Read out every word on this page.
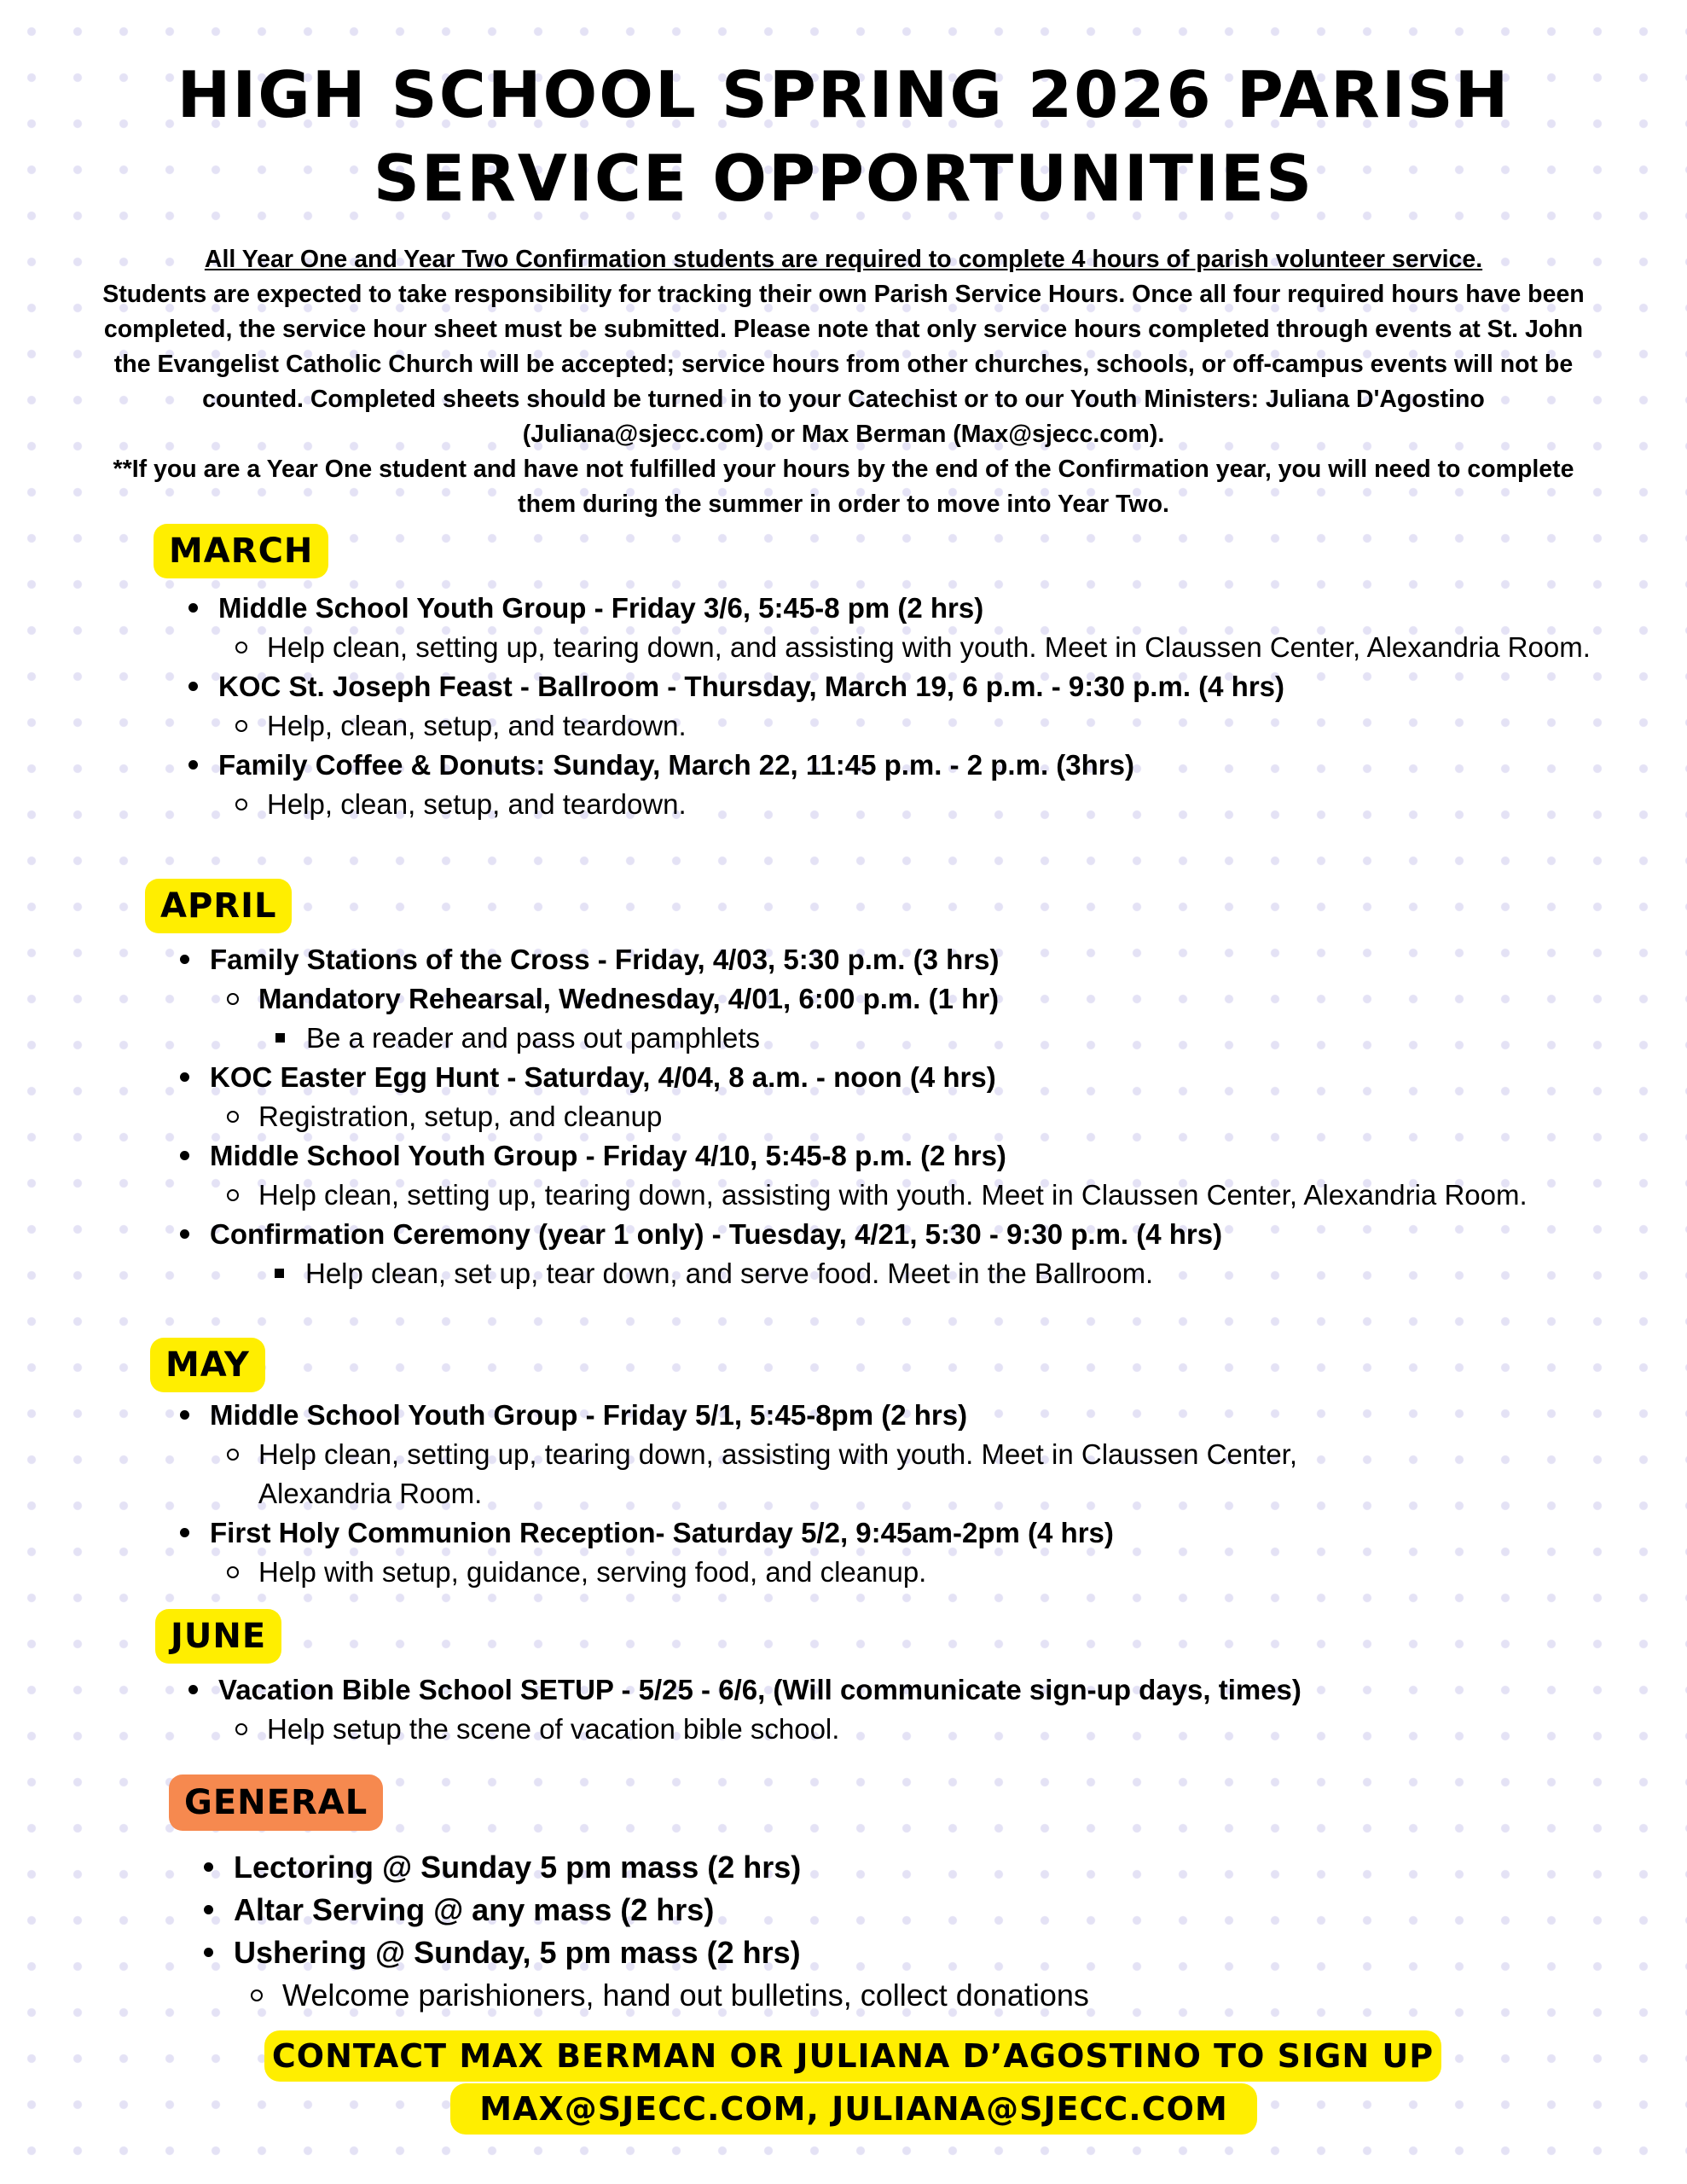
HIGH SCHOOL SPRING 2026 PARISH
SERVICE OPPORTUNITIES

All Year One and Year Two Confirmation students are required to complete 4 hours of parish volunteer service.

Students are expected to take responsibility for tracking their own Parish Service Hours. Once all four required hours have been completed, the service hour sheet must be submitted. Please note that only service hours completed through events at St. John the Evangelist Catholic Church will be accepted; service hours from other churches, schools, or off-campus events will not be counted. Completed sheets should be turned in to your Catechist or to our Youth Ministers: Juliana D'Agostino (Juliana@sjecc.com) or Max Berman (Max@sjecc.com).

**If you are a Year One student and have not fulfilled your hours by the end of the Confirmation year, you will need to complete them during the summer in order to move into Year Two.

MARCH
Middle School Youth Group - Friday 3/6, 5:45-8 pm (2 hrs)
Help clean, setting up, tearing down, and assisting with youth. Meet in Claussen Center, Alexandria Room.
KOC St. Joseph Feast - Ballroom - Thursday, March 19, 6 p.m. - 9:30 p.m. (4 hrs)
Help, clean, setup, and teardown.
Family Coffee & Donuts: Sunday, March 22, 11:45 p.m. - 2 p.m. (3hrs)
Help, clean, setup, and teardown.
APRIL
Family Stations of the Cross - Friday, 4/03, 5:30 p.m. (3 hrs)
Mandatory Rehearsal, Wednesday, 4/01, 6:00 p.m. (1 hr)
Be a reader and pass out pamphlets
KOC Easter Egg Hunt - Saturday, 4/04, 8 a.m. - noon (4 hrs)
Registration, setup, and cleanup
Middle School Youth Group - Friday 4/10, 5:45-8 p.m. (2 hrs)
Help clean, setting up, tearing down, assisting with youth. Meet in Claussen Center, Alexandria Room.
Confirmation Ceremony (year 1 only) - Tuesday, 4/21, 5:30 - 9:30 p.m. (4 hrs)
Help clean, set up, tear down, and serve food. Meet in the Ballroom.
MAY
Middle School Youth Group - Friday 5/1, 5:45-8pm (2 hrs)
Help clean, setting up, tearing down, assisting with youth. Meet in Claussen Center, Alexandria Room.
First Holy Communion Reception- Saturday 5/2, 9:45am-2pm (4 hrs)
Help with setup, guidance, serving food, and cleanup.
JUNE
Vacation Bible School SETUP - 5/25 - 6/6, (Will communicate sign-up days, times)
Help setup the scene of vacation bible school.
GENERAL
Lectoring @ Sunday 5 pm mass (2 hrs)
Altar Serving @ any mass (2 hrs)
Ushering @ Sunday, 5 pm mass (2 hrs)
Welcome parishioners, hand out bulletins, collect donations
CONTACT MAX BERMAN OR JULIANA D’AGOSTINO TO SIGN UP
MAX@SJECC.COM, JULIANA@SJECC.COM
